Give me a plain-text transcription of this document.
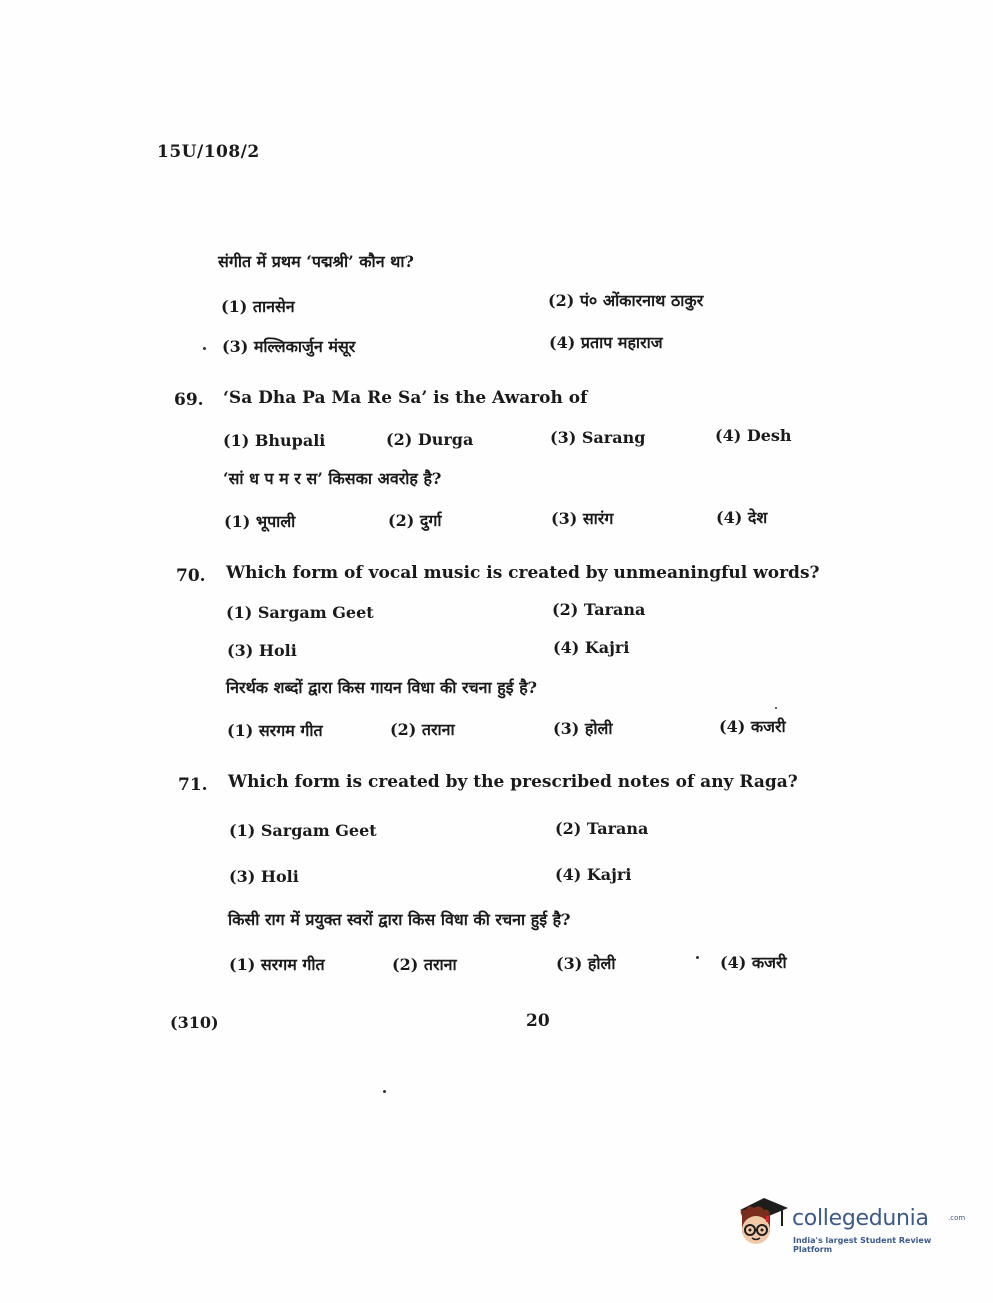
15U/108/2
संगीत में प्रथम ‘पद्मश्री’ कौन था?
(1) तानसेन	(2) पं० ओंकारनाथ ठाकुर
(3) मल्लिकार्जुन मंसूर	(4) प्रताप महाराज
69. ‘Sa Dha Pa Ma Re Sa’ is the Awaroh of
(1) Bhupali	(2) Durga	(3) Sarang	(4) Desh
‘सां ध प म र स’ किसका अवरोह है?
(1) भूपाली	(2) दुर्गा	(3) सारंग	(4) देश
70. Which form of vocal music is created by unmeaningful words?
(1) Sargam Geet	(2) Tarana
(3) Holi	(4) Kajri
निरर्थक शब्दों द्वारा किस गायन विधा की रचना हुई है?
(1) सरगम गीत	(2) तराना	(3) होली	(4) कजरी
71. Which form is created by the prescribed notes of any Raga?
(1) Sargam Geet	(2) Tarana
(3) Holi	(4) Kajri
किसी राग में प्रयुक्त स्वरों द्वारा किस विधा की रचना हुई है?
(1) सरगम गीत	(2) तराना	(3) होली	(4) कजरी
(310)	20
collegedunia	.com
India's largest Student Review Platform
